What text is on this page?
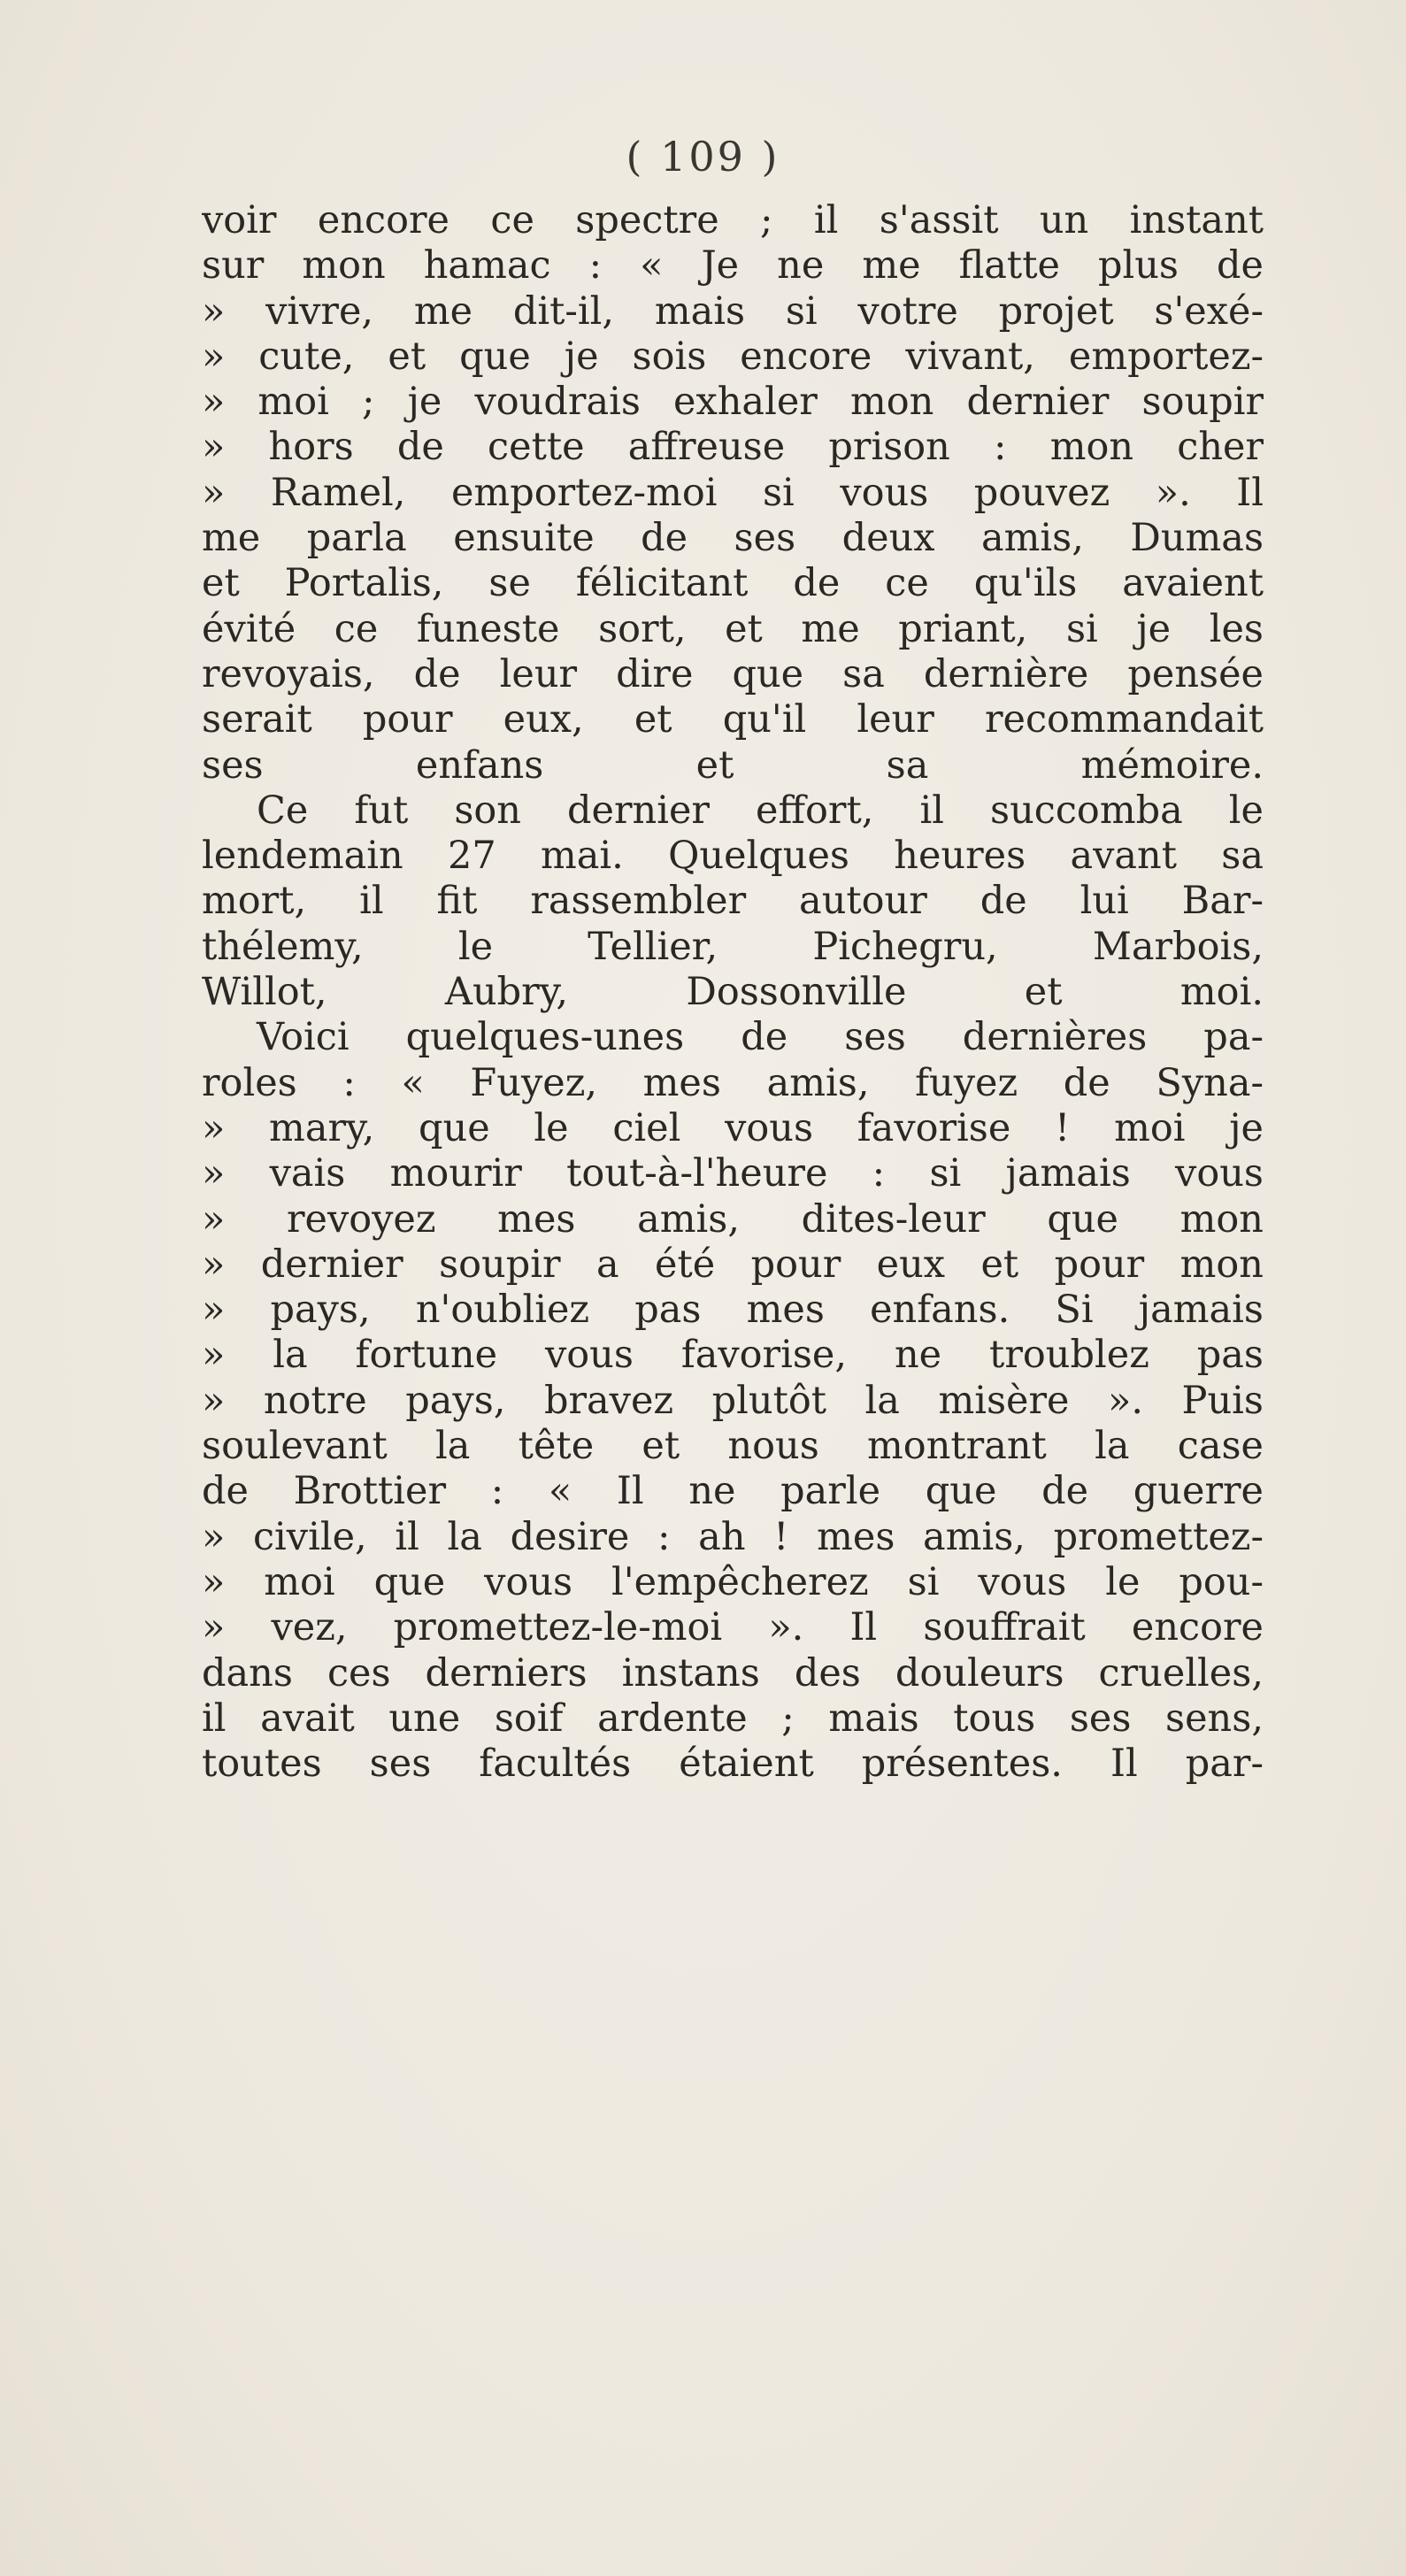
( 109 )
voir encore ce spectre ; il s'assit un instant
sur mon hamac : « Je ne me flatte plus de
» vivre, me dit-il, mais si votre projet s'exé-
» cute, et que je sois encore vivant, emportez-
» moi ; je voudrais exhaler mon dernier soupir
» hors de cette affreuse prison : mon cher
» Ramel, emportez-moi si vous pouvez ». Il
me parla ensuite de ses deux amis, Dumas
et Portalis, se félicitant de ce qu'ils avaient
évité ce funeste sort, et me priant, si je les
revoyais, de leur dire que sa dernière pensée
serait pour eux, et qu'il leur recommandait
ses enfans et sa mémoire.
Ce fut son dernier effort, il succomba le
lendemain 27 mai. Quelques heures avant sa
mort, il fit rassembler autour de lui Bar-
thélemy, le Tellier, Pichegru, Marbois,
Willot, Aubry, Dossonville et moi.
Voici quelques-unes de ses dernières pa-
roles : « Fuyez, mes amis, fuyez de Syna-
» mary, que le ciel vous favorise ! moi je
» vais mourir tout-à-l'heure : si jamais vous
» revoyez mes amis, dites-leur que mon
» dernier soupir a été pour eux et pour mon
» pays, n'oubliez pas mes enfans. Si jamais
» la fortune vous favorise, ne troublez pas
» notre pays, bravez plutôt la misère ». Puis
soulevant la tête et nous montrant la case
de Brottier : « Il ne parle que de guerre
» civile, il la desire : ah ! mes amis, promettez-
» moi que vous l'empêcherez si vous le pou-
» vez, promettez-le-moi ». Il souffrait encore
dans ces derniers instans des douleurs cruelles,
il avait une soif ardente ; mais tous ses sens,
toutes ses facultés étaient présentes. Il par-
